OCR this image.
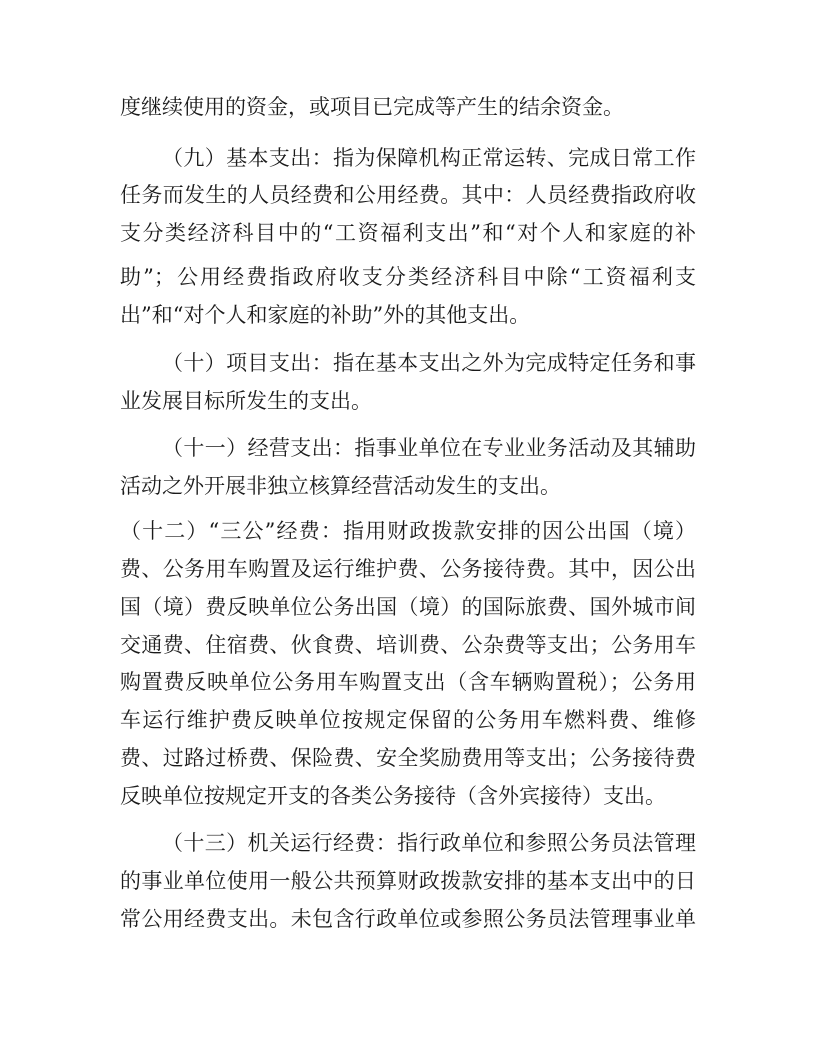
度继续使用的资金，或项目已完成等产生的结余资金。
（九）基本支出：指为保障机构正常运转、完成日常工作
任务而发生的人员经费和公用经费。其中：人员经费指政府收
支分类经济科目中的“工资福利支出”和“对个人和家庭的补
助”；公用经费指政府收支分类经济科目中除“工资福利支
出”和“对个人和家庭的补助”外的其他支出。
（十）项目支出：指在基本支出之外为完成特定任务和事
业发展目标所发生的支出。
（十一）经营支出：指事业单位在专业业务活动及其辅助
活动之外开展非独立核算经营活动发生的支出。
（十二）“三公”经费：指用财政拨款安排的因公出国（境）
费、公务用车购置及运行维护费、公务接待费。其中，因公出
国（境）费反映单位公务出国（境）的国际旅费、国外城市间
交通费、住宿费、伙食费、培训费、公杂费等支出；公务用车
购置费反映单位公务用车购置支出（含车辆购置税）；公务用
车运行维护费反映单位按规定保留的公务用车燃料费、维修
费、过路过桥费、保险费、安全奖励费用等支出；公务接待费
反映单位按规定开支的各类公务接待（含外宾接待）支出。
（十三）机关运行经费：指行政单位和参照公务员法管理
的事业单位使用一般公共预算财政拨款安排的基本支出中的日
常公用经费支出。未包含行政单位或参照公务员法管理事业单
